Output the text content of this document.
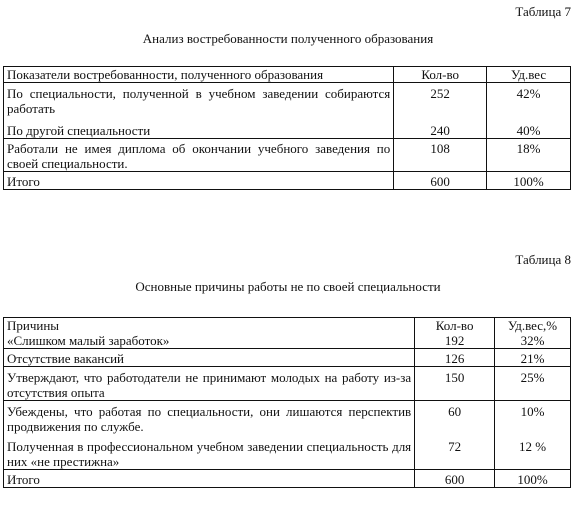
Таблица 7
Анализ востребованности полученного образования
Показатели востребованности, полученного образования	Кол-во	Уд.вес
По специальности, полученной в учебном заведении собираются работать	252	42%
По другой специальности	240	40%
Работали не имея диплома об окончании учебного заведения по своей специальности.	108	18%
Итого	600	100%
Таблица 8
Основные причины работы не по своей специальности
Причины	Кол-во	Уд.вес,%
«Слишком малый заработок»	192	32%
Отсутствие вакансий	126	21%
Утверждают, что работодатели не принимают молодых на работу из-за отсутствия опыта	150	25%
Убеждены, что работая по специальности, они лишаются перспектив продвижения по службе.	60	10%
Полученная в профессиональном учебном заведении специальность для них «не престижна»	72	12 %
Итого	600	100%
